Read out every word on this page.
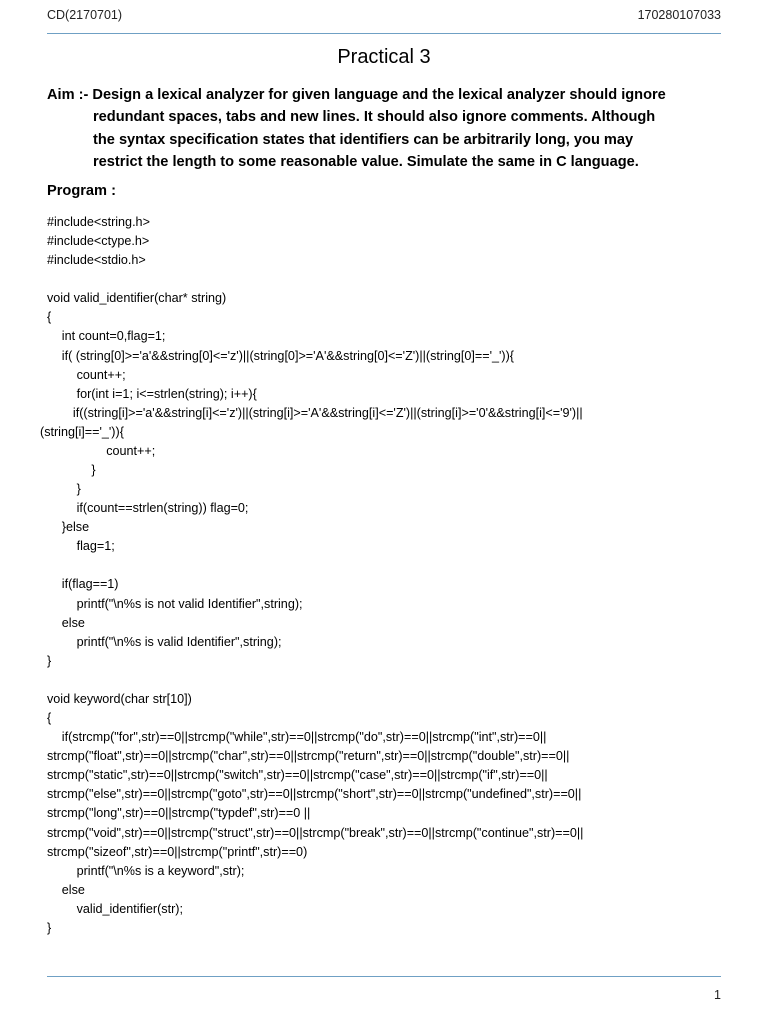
CD(2170701)	170280107033
Practical 3
Aim :- Design a lexical analyzer for given language and the lexical analyzer should ignore
redundant spaces, tabs and new lines. It should also ignore comments. Although
the syntax specification states that identifiers can be arbitrarily long, you may
restrict the length to some reasonable value. Simulate the same in C language.
Program :
#include<string.h>
#include<ctype.h>
#include<stdio.h>
void valid_identifier(char* string)
{
int count=0,flag=1;
if( (string[0]>='a'&&string[0]<='z')||(string[0]>='A'&&string[0]<='Z')||(string[0]=='_')){
count++;
for(int i=1; i<=strlen(string); i++){
if((string[i]>='a'&&string[i]<='z')||(string[i]>='A'&&string[i]<='Z')||(string[i]>='0'&&string[i]<='9')||
(string[i]=='_')){
count++;
}
}
if(count==strlen(string)) flag=0;
}else
flag=1;
if(flag==1)
printf("\n%s is not valid Identifier",string);
else
printf("\n%s is valid Identifier",string);
}
void keyword(char str[10])
{
if(strcmp("for",str)==0||strcmp("while",str)==0||strcmp("do",str)==0||strcmp("int",str)==0||
strcmp("float",str)==0||strcmp("char",str)==0||strcmp("return",str)==0||strcmp("double",str)==0||
strcmp("static",str)==0||strcmp("switch",str)==0||strcmp("case",str)==0||strcmp("if",str)==0||
strcmp("else",str)==0||strcmp("goto",str)==0||strcmp("short",str)==0||strcmp("undefined",str)==0||
strcmp("long",str)==0||strcmp("typdef",str)==0 ||
strcmp("void",str)==0||strcmp("struct",str)==0||strcmp("break",str)==0||strcmp("continue",str)==0||
strcmp("sizeof",str)==0||strcmp("printf",str)==0)
printf("\n%s is a keyword",str);
else
valid_identifier(str);
}
1
